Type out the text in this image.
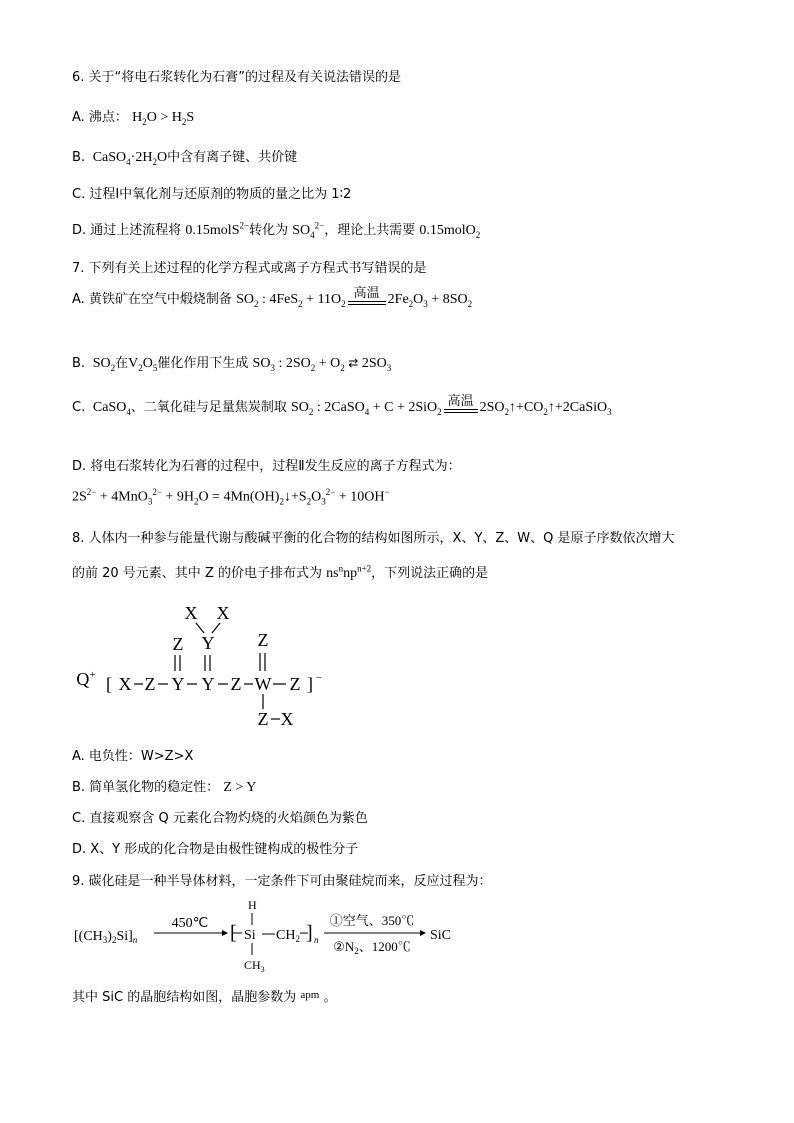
6. 关于“将电石浆转化为石膏”的过程及有关说法错误的是
A. 沸点： $H_2O > H_2S$
B.  $CaSO_4\cdot 2H_2O$中含有离子键、共价键
C. 过程Ⅰ中氧化剂与还原剂的物质的量之比为 1∶2
D. 通过上述流程将 0.15molS$^{2-}$转化为 $SO_4^{2-}$，理论上共需要 0.15molO$_2$
7. 下列有关上述过程的化学方程式或离子方程式书写错误的是
A. 黄铁矿在空气中煅烧制备 $SO_2$ : $4FeS_2 + 11O_2$
高温 $2Fe_2O_3 + 8SO_2$
B.  $SO_2$在$V_2O_5$催化作用下生成 $SO_3$ : $2SO_2 + O_2$ ⇄ $2SO_3$
C.  CaSO$_4$、二氧化硅与足量焦炭制取 $SO_2$ : 2CaSO$_4$ + C + 2SiO$_2$
高温 $2SO_2↑+CO_2↑+2CaSiO_3$
D. 将电石浆转化为石膏的过程中，过程Ⅱ发生反应的离子方程式为：
$2S^{2-} + 4MnO_3^{2-} + 9H_2O$ = $4Mn(OH)_2↓+S_2O_3^{2-} + 10OH^-$
8. 人体内一种参与能量代谢与酸碱平衡的化合物的结构如图所示，X、Y、Z、W、Q 是原子序数依次增大
的前 20 号元素、其中 Z 的价电子排布式为 $ns^nnp^{n+2}$，下列说法正确的是
X X
Y
Z	Z
Q+ [ X Z Y Y Z W Z ] −
Z X
A. 电负性：W>Z>X
B. 简单氢化物的稳定性： Z > Y
C. 直接观察含 Q 元素化合物灼烧的火焰颜色为紫色
D. X、Y 形成的化合物是由极性键构成的极性分子
9. 碳化硅是一种半导体材料，一定条件下可由聚硅烷而来，反应过程为：
$[(CH_3)_2Si]_n$
450℃ [ Si
H
$CH_3$
$CH_2$ ] n
①空气、350℃
$②N_2$、1200℃
SiC
其中 SiC 的晶胞结构如图，晶胞参数为 $^{apm}$ 。
